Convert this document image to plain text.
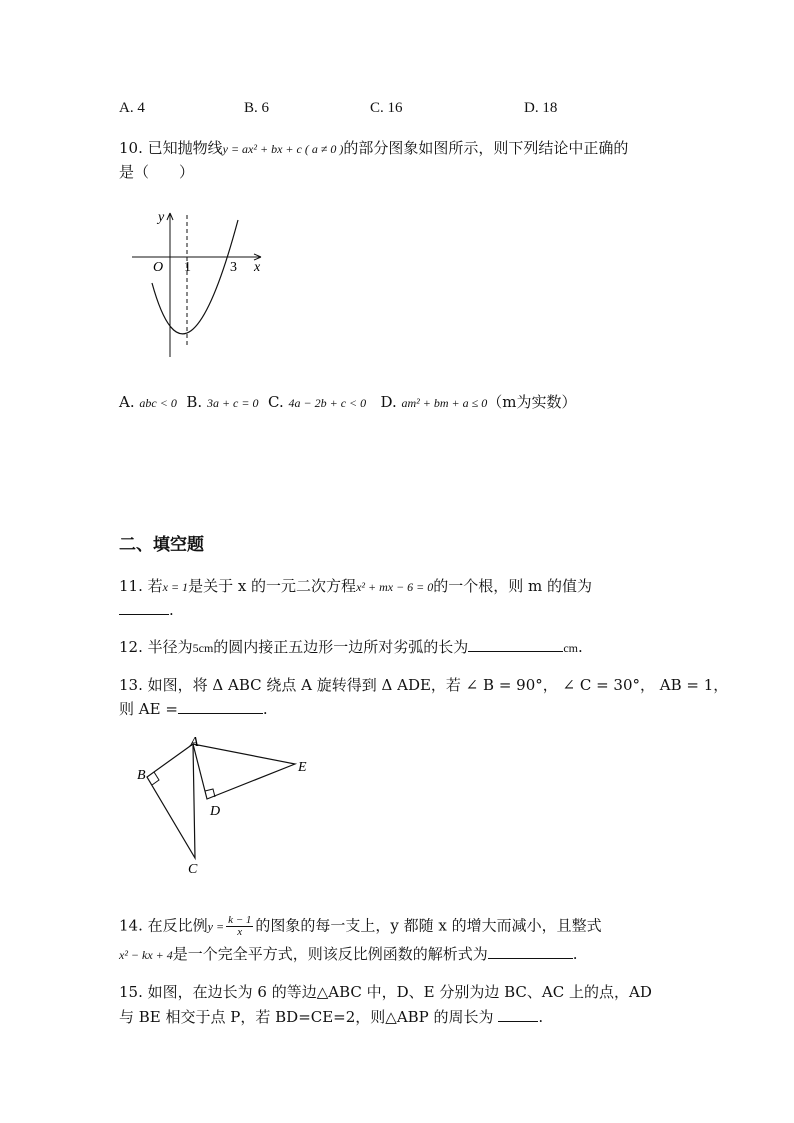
A. 4	B. 6	C. 16	D. 18
10. 已知抛物线y = ax² + bx + c ( a ≠ 0 )的部分图象如图所示，则下列结论中正确的
是（　　）
y
x
O 1	3
A. abc < 0 B. 3a + c = 0 C. 4a − 2b + c < 0 D. am² + bm + a ≤ 0（m为实数）
二、填空题
11. 若x = 1是关于 x 的一元二次方程x² + mx − 6 = 0的一个根，则 m 的值为
.
12. 半径为5cm的圆内接正五边形一边所对劣弧的长为	cm.
13. 如图，将 Δ ABC 绕点 A 旋转得到 Δ ADE，若 ∠ B = 90°， ∠ C = 30°， AB = 1，
则 AE =	.
A
B
C
D
E
14. 在反比例$y = \frac{k - 1}{x}$ 的图象的每一支上，y 都随 x 的增大而减小，且整式
x² − kx + 4是一个完全平方式，则该反比例函数的解析式为	.
15. 如图，在边长为 6 的等边△ABC 中，D、E 分别为边 BC、AC 上的点，AD
与 BE 相交于点 P，若 BD=CE=2，则△ABP 的周长为	.
